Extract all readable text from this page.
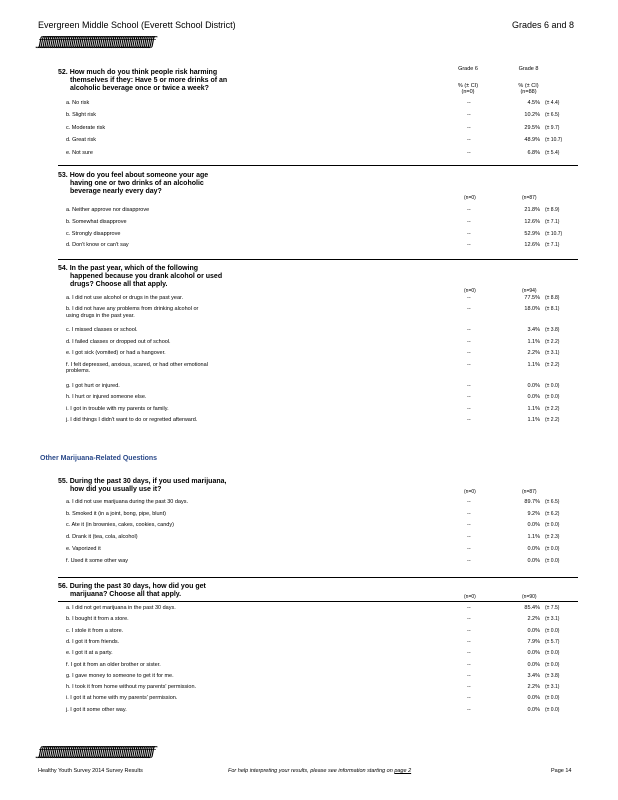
Evergreen Middle School (Everett School District)	Grades 6 and 8
ƒƒƒƒƒƒƒƒƒƒƒƒƒƒƒƒƒƒƒƒƒƒƒƒƒƒƒƒƒƒƒƒƒƒƒƒƒƒƒƒƒƒƒƒƒƒƒƒƒƒƒƒƒƒƒƒƒƒƒƒ
Grade 6
% (± CI)
(n=0)
Grade 8
% (± CI)
(n=88)
52. How much do you think people risk harming
themselves if they: Have 5 or more drinks of an
alcoholic beverage once or twice a week?
a. No risk	--	4.5% (± 4.4)
b. Slight risk	--	10.2% (± 6.5)
c. Moderate risk	--	29.5% (± 9.7)
d. Great risk	--	48.9% (± 10.7)
e. Not sure	--	6.8% (± 5.4)
53. How do you feel about someone your age
having one or two drinks of an alcoholic
beverage nearly every day?
(n=0)	(n=87)
a. Neither approve nor disapprove	--	21.8% (± 8.9)
b. Somewhat disapprove	--	12.6% (± 7.1)
c. Strongly disapprove	--	52.9% (± 10.7)
d. Don't know or can't say	--	12.6% (± 7.1)
54. In the past year, which of the following
happened because you drank alcohol or used
drugs? Choose all that apply.
(n=0)	(n=94)
a. I did not use alcohol or drugs in the past year.	--	77.5% (± 8.8)
b. I did not have any problems from drinking alcohol or
using drugs in the past year.
--	18.0% (± 8.1)
c. I missed classes or school.	--	3.4% (± 3.8)
d. I failed classes or dropped out of school.	--	1.1% (± 2.2)
e. I got sick (vomited) or had a hangover.	--	2.2% (± 3.1)
f. I felt depressed, anxious, scared, or had other emotional
problems.
--	1.1% (± 2.2)
g. I got hurt or injured.	--	0.0% (± 0.0)
h. I hurt or injured someone else.	--	0.0% (± 0.0)
i. I got in trouble with my parents or family.	--	1.1% (± 2.2)
j. I did things I didn't want to do or regretted afterward.	--	1.1% (± 2.2)
Other Marijuana-Related Questions
55. During the past 30 days, if you used marijuana,
how did you usually use it?	(n=0)	(n=87)
a. I did not use marijuana during the past 30 days.	--	89.7% (± 6.5)
b. Smoked it (in a joint, bong, pipe, blunt)	--	9.2% (± 6.2)
c. Ate it (in brownies, cakes, cookies, candy)	--	0.0% (± 0.0)
d. Drank it (tea, cola, alcohol)	--	1.1% (± 2.3)
e. Vaporized it	--	0.0% (± 0.0)
f. Used it some other way	--	0.0% (± 0.0)
56. During the past 30 days, how did you get
marijuana? Choose all that apply.	(n=0)	(n=90)
a. I did not get marijuana in the past 30 days.	--	85.4% (± 7.5)
b. I bought it from a store.	--	2.2% (± 3.1)
c. I stole it from a store.	--	0.0% (± 0.0)
d. I got it from friends.	--	7.9% (± 5.7)
e. I got it at a party.	--	0.0% (± 0.0)
f. I got it from an older brother or sister.	--	0.0% (± 0.0)
g. I gave money to someone to get it for me.	--	3.4% (± 3.8)
h. I took it from home without my parents' permission.	--	2.2% (± 3.1)
i. I got it at home with my parents' permission.	--	0.0% (± 0.0)
j. I got it some other way.	--	0.0% (± 0.0)
ƒƒƒƒƒƒƒƒƒƒƒƒƒƒƒƒƒƒƒƒƒƒƒƒƒƒƒƒƒƒƒƒƒƒƒƒƒƒƒƒƒƒƒƒƒƒƒƒƒƒƒƒƒƒƒƒƒƒƒƒ
Healthy Youth Survey 2014 Survey Results	For help interpreting your results, please see information starting on page 2	Page 14
